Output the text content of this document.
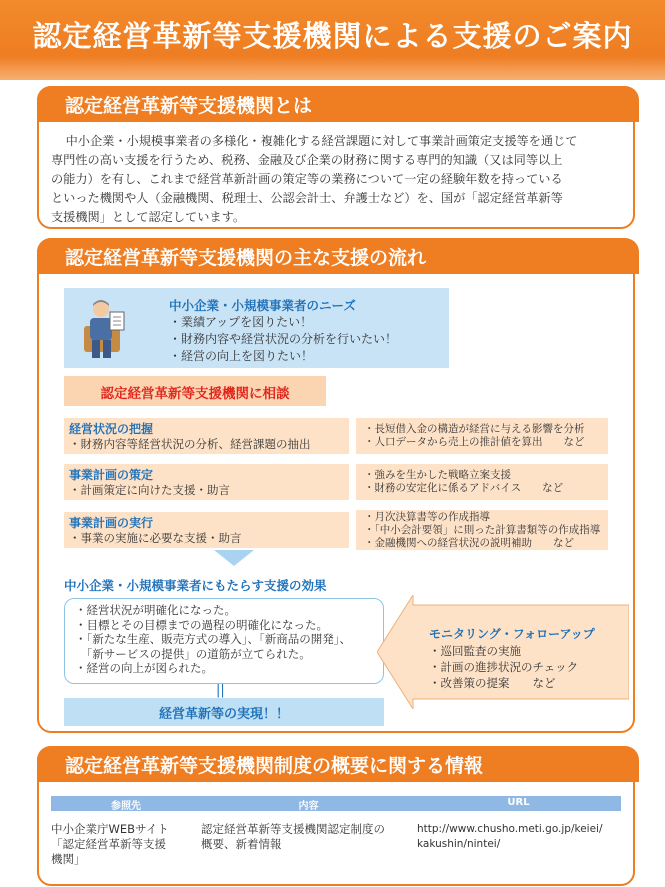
認定経営革新等支援機関による支援のご案内
認定経営革新等支援機関とは
中小企業・小規模事業者の多様化・複雑化する経営課題に対して事業計画策定支援等を通じて
専門性の高い支援を行うため、税務、金融及び企業の財務に関する専門的知識（又は同等以上
の能力）を有し、これまで経営革新計画の策定等の業務について一定の経験年数を持っている
といった機関や人（金融機関、税理士、公認会計士、弁護士など）を、国が「認定経営革新等
支援機関」として認定しています。
認定経営革新等支援機関の主な支援の流れ
中小企業・小規模事業者のニーズ
・業績アップを図りたい！
・財務内容や経営状況の分析を行いたい！
・経営の向上を図りたい！
認定経営革新等支援機関に相談
経営状況の把握
・財務内容等経営状況の分析、経営課題の抽出
・長短借入金の構造が経営に与える影響を分析
・人口データから売上の推計値を算出　　など
事業計画の策定
・計画策定に向けた支援・助言
・強みを生かした戦略立案支援
・財務の安定化に係るアドバイス　　など
事業計画の実行
・事業の実施に必要な支援・助言
・月次決算書等の作成指導
・「中小会計要領」に則った計算書類等の作成指導
・金融機関への経営状況の説明補助　　など
中小企業・小規模事業者にもたらす支援の効果
・経営状況が明確化になった。
・目標とその目標までの過程の明確化になった。
・「新たな生産、販売方式の導入」、「新商品の開発」、
　「新サービスの提供」の道筋が立てられた。
・経営の向上が図られた。
||
経営革新等の実現！！
モニタリング・フォローアップ
・巡回監査の実施
・計画の進捗状況のチェック
・改善策の提案　　など
認定経営革新等支援機関制度の概要に関する情報
参照先	内容	URL
中小企業庁WEBサイト
「認定経営革新等支援
機関」
認定経営革新等支援機関認定制度の
概要、新着情報
http://www.chusho.meti.go.jp/keiei/
kakushin/nintei/
